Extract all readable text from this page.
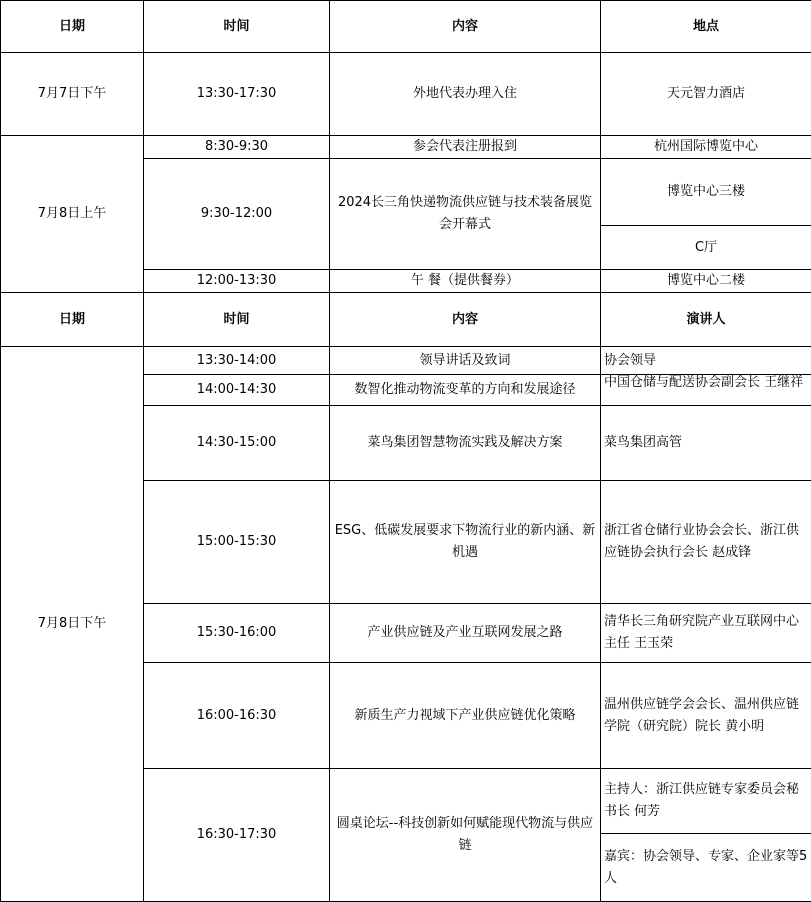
日期	时间	内容	地点
7月7日下午	13:30-17:30	外地代表办理入住	天元智力酒店
7月8日上午	8:30-9:30	参会代表注册报到	杭州国际博览中心
	9:30-12:00	2024长三角快递物流供应链与技术装备展览会开幕式	博览中心三楼
			C厅
	12:00-13:30	午 餐（提供餐券）	博览中心二楼
日期	时间	内容	演讲人
7月8日下午	13:30-14:00	领导讲话及致词	协会领导
	14:00-14:30	数智化推动物流变革的方向和发展途径	中国仓储与配送协会副会长 王继祥
	14:30-15:00	菜鸟集团智慧物流实践及解决方案	菜鸟集团高管
	15:00-15:30	ESG、低碳发展要求下物流行业的新内涵、新机遇	浙江省仓储行业协会会长、浙江供应链协会执行会长 赵成锋
	15:30-16:00	产业供应链及产业互联网发展之路	清华长三角研究院产业互联网中心主任 王玉荣
	16:00-16:30	新质生产力视域下产业供应链优化策略	温州供应链学会会长、温州供应链学院（研究院）院长 黄小明
	16:30-17:30	圆桌论坛--科技创新如何赋能现代物流与供应链	主持人：浙江供应链专家委员会秘书长 何芳
			嘉宾：协会领导、专家、企业家等5人
